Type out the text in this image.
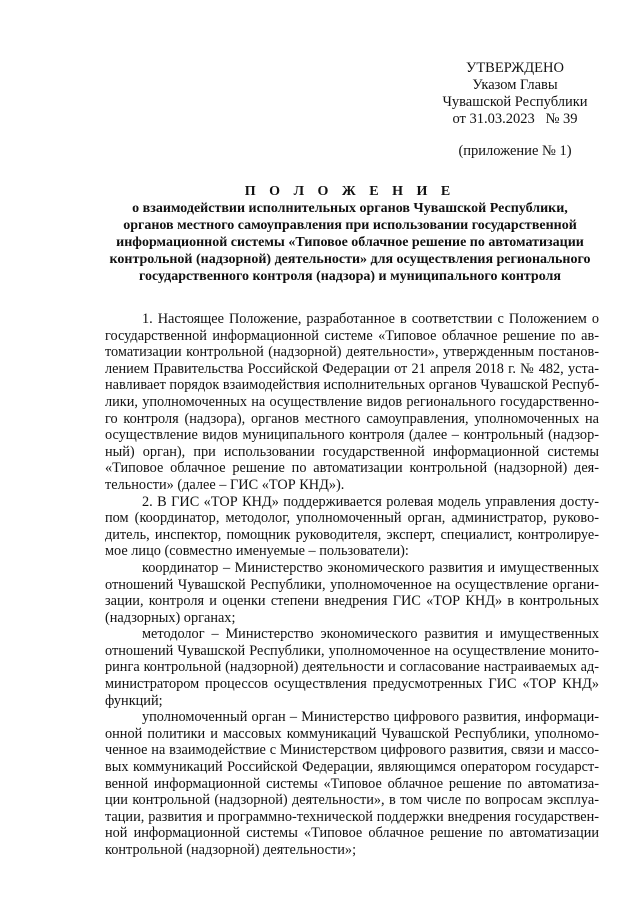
УТВЕРЖДЕНО
Указом Главы
Чувашской Республики
от 31.03.2023   № 39
(приложение № 1)
П О Л О Ж Е Н И Е
о взаимодействии исполнительных органов Чувашской Республики,
органов местного самоуправления при использовании государственной
информационной системы «Типовое облачное решение по автоматизации
контрольной (надзорной) деятельности» для осуществления регионального
государственного контроля (надзора) и муниципального контроля
1. Настоящее Положение, разработанное в соответствии с Положением о
государственной информационной системе «Типовое облачное решение по ав-
томатизации контрольной (надзорной) деятельности», утвержденным постанов-
лением Правительства Российской Федерации от 21 апреля 2018 г. № 482, уста-
навливает порядок взаимодействия исполнительных органов Чувашской Респуб-
лики, уполномоченных на осуществление видов регионального государственно-
го контроля (надзора), органов местного самоуправления, уполномоченных на
осуществление видов муниципального контроля (далее – контрольный (надзор-
ный) орган), при использовании государственной информационной системы
«Типовое облачное решение по автоматизации контрольной (надзорной) дея-
тельности» (далее – ГИС «ТОР КНД»).
2. В ГИС «ТОР КНД» поддерживается ролевая модель управления досту-
пом (координатор, методолог, уполномоченный орган, администратор, руково-
дитель, инспектор, помощник руководителя, эксперт, специалист, контролируе-
мое лицо (совместно именуемые – пользователи):
координатор – Министерство экономического развития и имущественных
отношений Чувашской Республики, уполномоченное на осуществление органи-
зации, контроля и оценки степени внедрения ГИС «ТОР КНД» в контрольных
(надзорных) органах;
методолог – Министерство экономического развития и имущественных
отношений Чувашской Республики, уполномоченное на осуществление монито-
ринга контрольной (надзорной) деятельности и согласование настраиваемых ад-
министратором процессов осуществления предусмотренных ГИС «ТОР КНД»
функций;
уполномоченный орган – Министерство цифрового развития, информаци-
онной политики и массовых коммуникаций Чувашской Республики, уполномо-
ченное на взаимодействие с Министерством цифрового развития, связи и массо-
вых коммуникаций Российской Федерации, являющимся оператором государст-
венной информационной системы «Типовое облачное решение по автоматиза-
ции контрольной (надзорной) деятельности», в том числе по вопросам эксплуа-
тации, развития и программно-технической поддержки внедрения государствен-
ной информационной системы «Типовое облачное решение по автоматизации
контрольной (надзорной) деятельности»;
